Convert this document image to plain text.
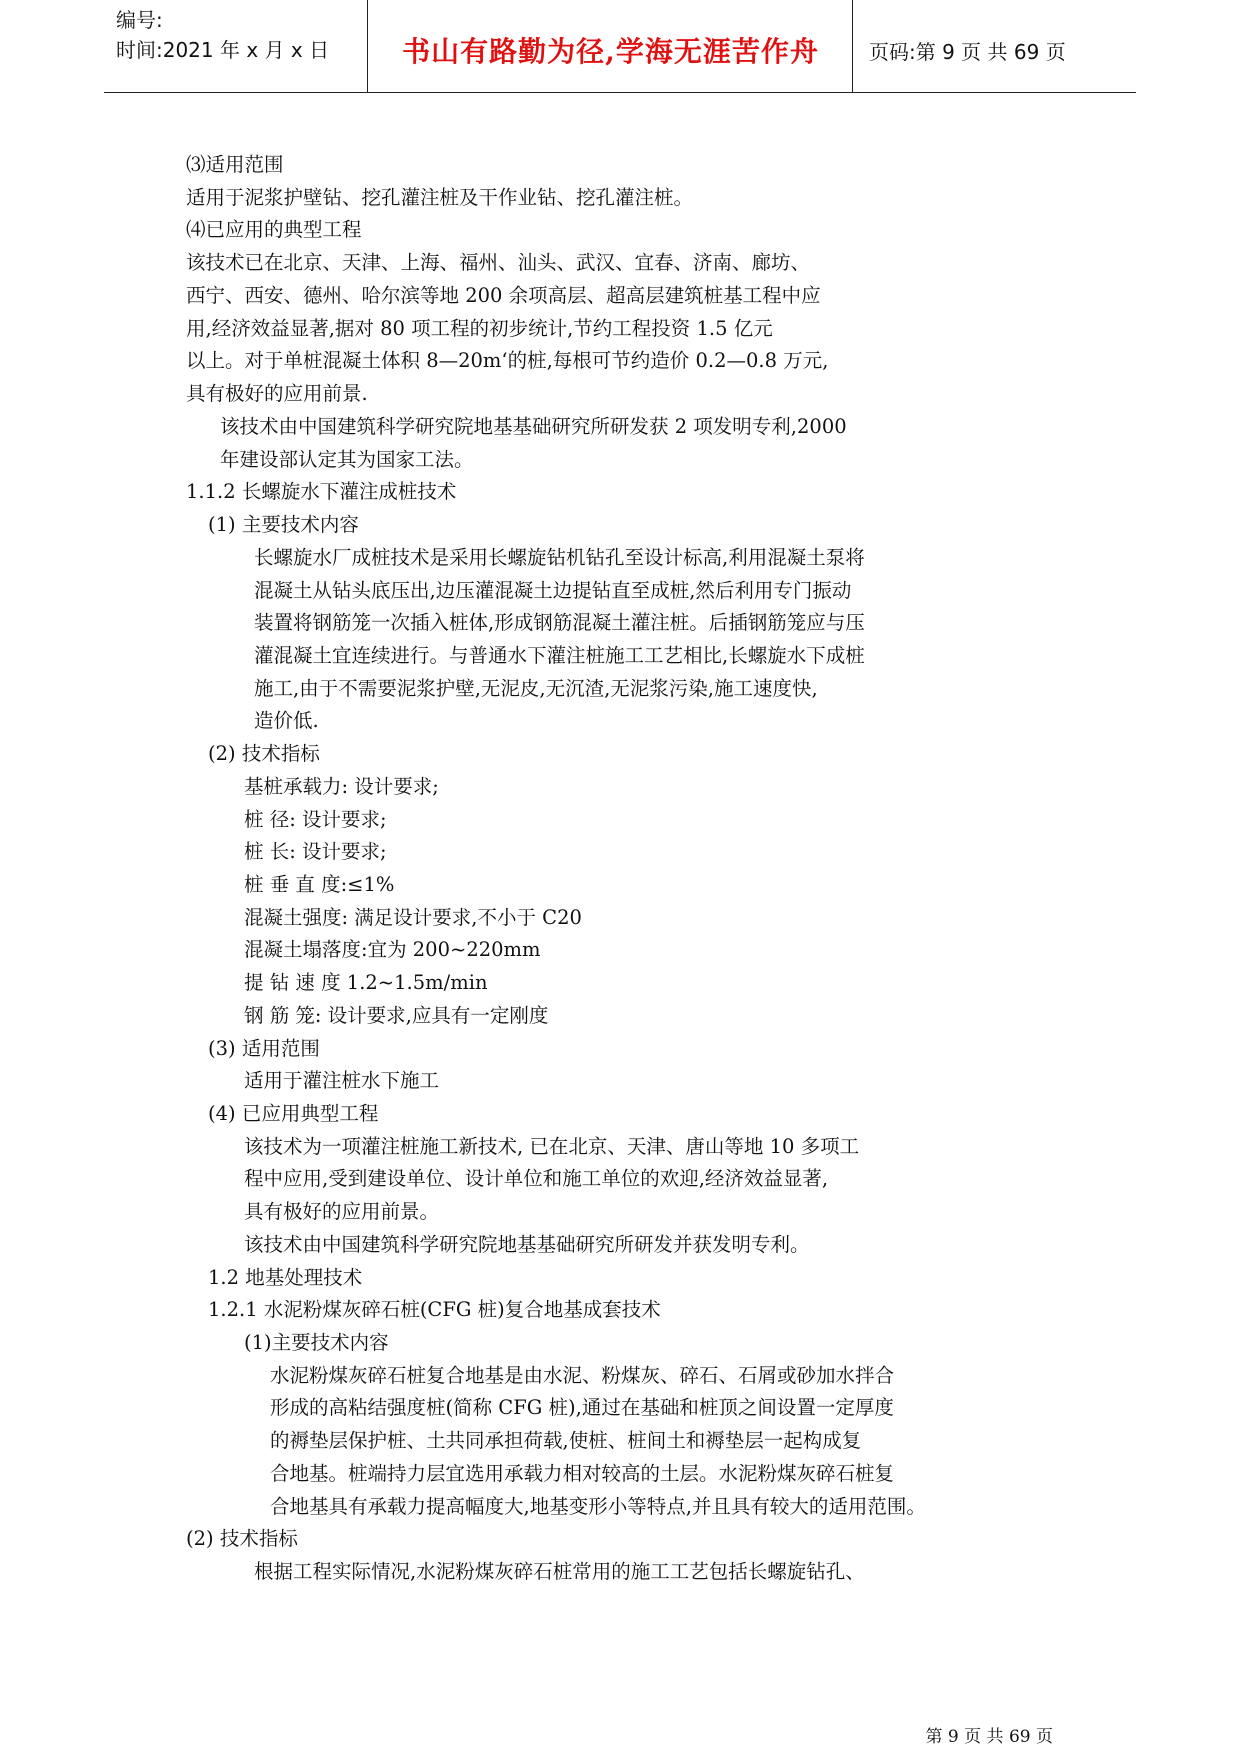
编号:
时间:2021 年 x 月 x 日	书山有路勤为径,学海无涯苦作舟	页码:第 9 页 共 69 页
⑶适用范围
适用于泥浆护壁钻、挖孔灌注桩及干作业钻、挖孔灌注桩。
⑷已应用的典型工程
该技术已在北京、天津、上海、福州、汕头、武汉、宜春、济南、廊坊、
西宁、西安、德州、哈尔滨等地 200 余项高层、超高层建筑桩基工程中应
用,经济效益显著,据对 80 项工程的初步统计,节约工程投资 1.5 亿元
以上。对于单桩混凝土体积 8—20m‘的桩,每根可节约造价 0.2—0.8 万元,
具有极好的应用前景.
该技术由中国建筑科学研究院地基基础研究所研发获 2 项发明专利,2000
年建设部认定其为国家工法。
1.1.2 长螺旋水下灌注成桩技术
(1) 主要技术内容
长螺旋水厂成桩技术是采用长螺旋钻机钻孔至设计标高,利用混凝土泵将
混凝土从钻头底压出,边压灌混凝土边提钻直至成桩,然后利用专门振动
装置将钢筋笼一次插入桩体,形成钢筋混凝土灌注桩。后插钢筋笼应与压
灌混凝土宜连续进行。与普通水下灌注桩施工工艺相比,长螺旋水下成桩
施工,由于不需要泥浆护壁,无泥皮,无沉渣,无泥浆污染,施工速度快,
造价低.
(2) 技术指标
基桩承载力: 设计要求;
桩 径: 设计要求;
桩 长: 设计要求;
桩 垂 直 度:≤1%
混凝土强度: 满足设计要求,不小于 C20
混凝土塌落度:宜为 200~220mm
提 钻 速 度 1.2~1.5m/min
钢 筋 笼: 设计要求,应具有一定刚度
(3) 适用范围
适用于灌注桩水下施工
(4) 已应用典型工程
该技术为一项灌注桩施工新技术, 已在北京、天津、唐山等地 10 多项工
程中应用,受到建设单位、设计单位和施工单位的欢迎,经济效益显著,
具有极好的应用前景。
该技术由中国建筑科学研究院地基基础研究所研发并获发明专利。
1.2 地基处理技术
1.2.1 水泥粉煤灰碎石桩(CFG 桩)复合地基成套技术
(1)主要技术内容
水泥粉煤灰碎石桩复合地基是由水泥、粉煤灰、碎石、石屑或砂加水拌合
形成的高粘结强度桩(简称 CFG 桩),通过在基础和桩顶之间设置一定厚度
的褥垫层保护桩、土共同承担荷载,使桩、桩间土和褥垫层一起构成复
合地基。桩端持力层宜选用承载力相对较高的土层。水泥粉煤灰碎石桩复
合地基具有承载力提高幅度大,地基变形小等特点,并且具有较大的适用范围。
(2) 技术指标
根据工程实际情况,水泥粉煤灰碎石桩常用的施工工艺包括长螺旋钻孔、
第 9 页 共 69 页
